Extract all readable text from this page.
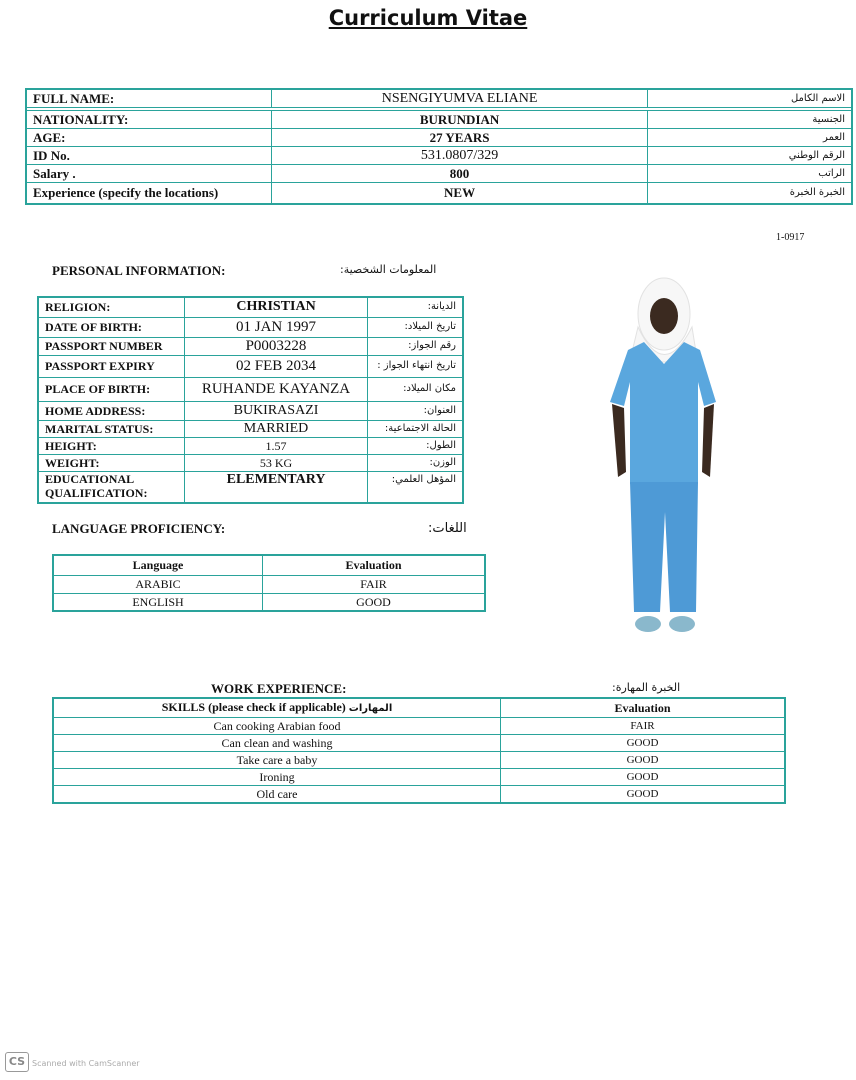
Curriculum Vitae
FULL NAME:	NSENGIYUMVA ELIANE	الاسم الكامل

NATIONALITY:	BURUNDIAN	الجنسية
AGE:	27 YEARS	العمر
ID No.	531.0807/329	الرقم الوطني
Salary .	800	الراتب
Experience (specify the locations)	NEW	الخبرة الخبرة
1-0917
PERSONAL INFORMATION:	المعلومات الشخصية:
RELIGION:	CHRISTIAN	الديانة:
DATE OF BIRTH:	01 JAN 1997	تاريخ الميلاد:
PASSPORT NUMBER	P0003228	رقم الجواز:
PASSPORT EXPIRY	02 FEB 2034	تاريخ انتهاء الجواز :
PLACE OF BIRTH:	RUHANDE KAYANZA	مكان الميلاد:
HOME ADDRESS:	BUKIRASAZI	العنوان:
MARITAL STATUS:	MARRIED	الحالة الاجتماعية:
HEIGHT:	1.57	الطول:
WEIGHT:	53 KG	الوزن:
EDUCATIONAL QUALIFICATION:	ELEMENTARY	المؤهل العلمي:
LANGUAGE PROFICIENCY:	اللغات:
Language	Evaluation
ARABIC	FAIR
ENGLISH	GOOD
WORK EXPERIENCE:	الخبرة المهارة:
SKILLS (please check if applicable) المهارات	Evaluation
Can cooking Arabian food	FAIR
Can clean and washing	GOOD
Take care a baby	GOOD
Ironing	GOOD
Old care	GOOD
CS Scanned with CamScanner
